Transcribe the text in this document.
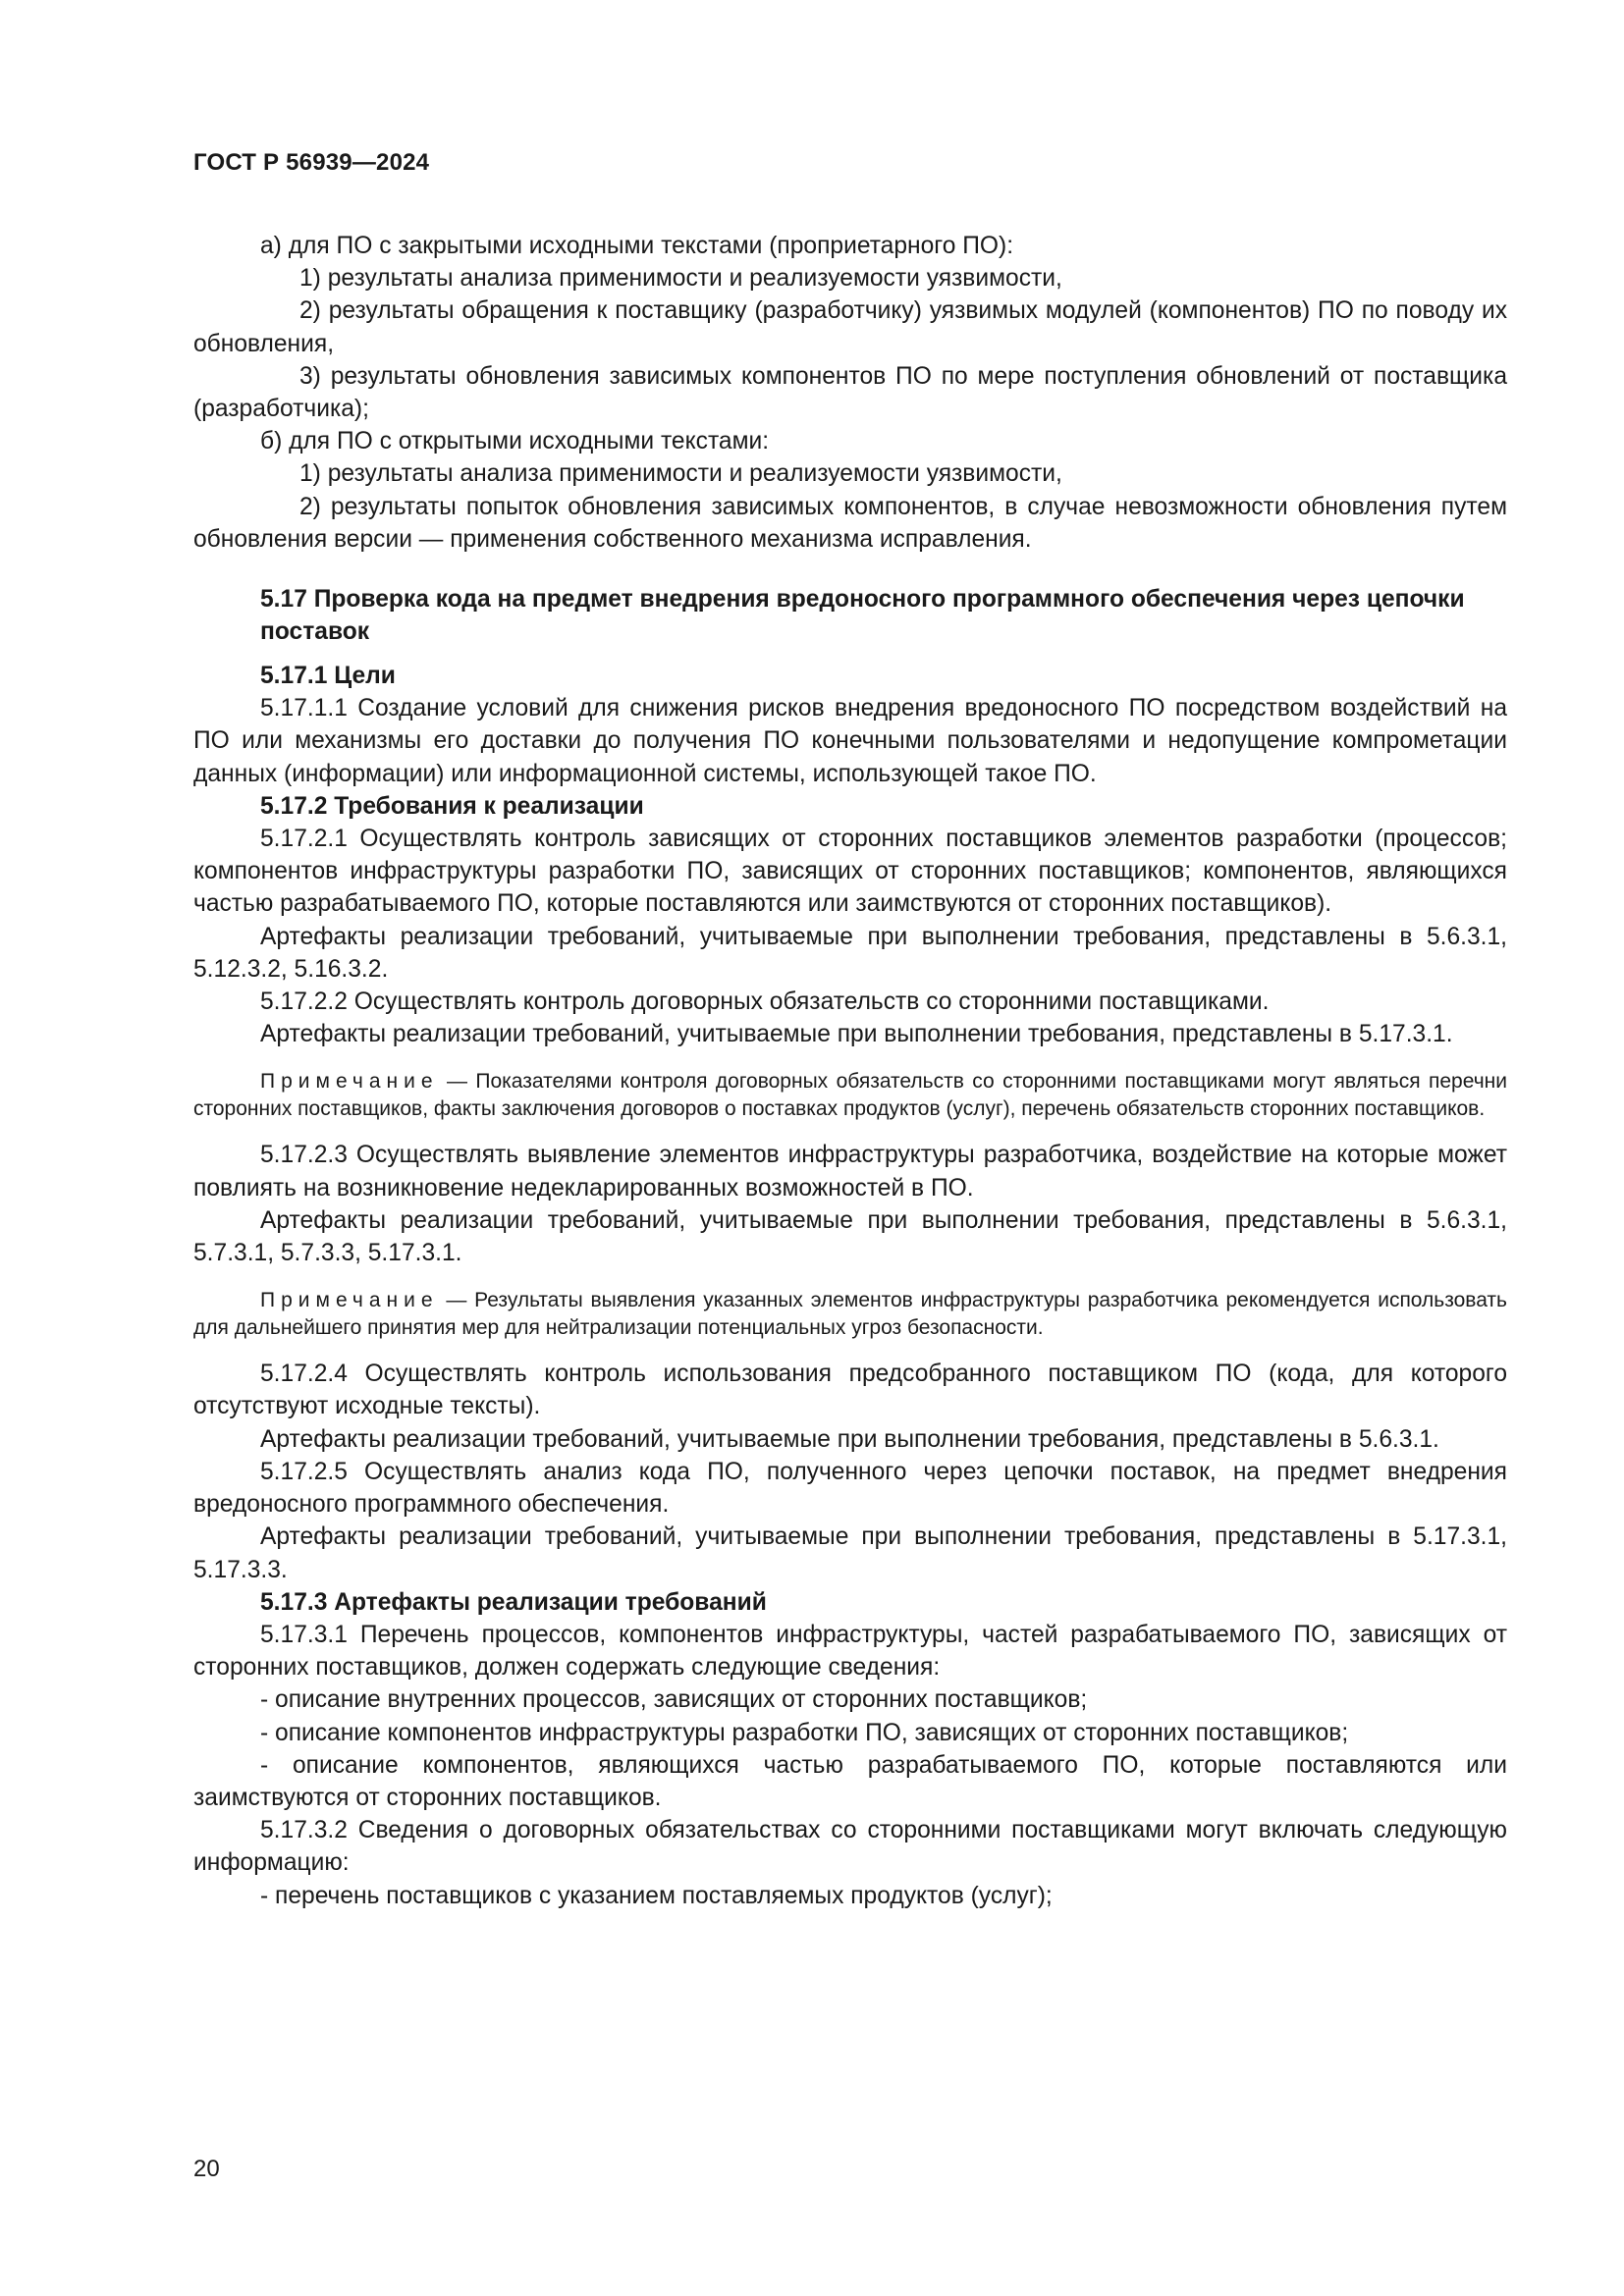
ГОСТ Р 56939—2024

а) для ПО с закрытыми исходными текстами (проприетарного ПО):

1) результаты анализа применимости и реализуемости уязвимости,

2) результаты обращения к поставщику (разработчику) уязвимых модулей (компонентов) ПО по поводу их обновления,

3) результаты обновления зависимых компонентов ПО по мере поступления обновлений от поставщика (разработчика);

б) для ПО с открытыми исходными текстами:

1) результаты анализа применимости и реализуемости уязвимости,

2) результаты попыток обновления зависимых компонентов, в случае невозможности обновления путем обновления версии — применения собственного механизма исправления.

5.17 Проверка кода на предмет внедрения вредоносного программного обеспечения через цепочки поставок
5.17.1 Цели

5.17.1.1 Создание условий для снижения рисков внедрения вредоносного ПО посредством воздействий на ПО или механизмы его доставки до получения ПО конечными пользователями и недопущение компрометации данных (информации) или информационной системы, использующей такое ПО.

5.17.2 Требования к реализации

5.17.2.1 Осуществлять контроль зависящих от сторонних поставщиков элементов разработки (процессов; компонентов инфраструктуры разработки ПО, зависящих от сторонних поставщиков; компонентов, являющихся частью разрабатываемого ПО, которые поставляются или заимствуются от сторонних поставщиков).

Артефакты реализации требований, учитываемые при выполнении требования, представлены в 5.6.3.1, 5.12.3.2, 5.16.3.2.

5.17.2.2 Осуществлять контроль договорных обязательств со сторонними поставщиками.

Артефакты реализации требований, учитываемые при выполнении требования, представлены в 5.17.3.1.

Примечание — Показателями контроля договорных обязательств со сторонними поставщиками могут являться перечни сторонних поставщиков, факты заключения договоров о поставках продуктов (услуг), перечень обязательств сторонних поставщиков.

5.17.2.3 Осуществлять выявление элементов инфраструктуры разработчика, воздействие на которые может повлиять на возникновение недекларированных возможностей в ПО.

Артефакты реализации требований, учитываемые при выполнении требования, представлены в 5.6.3.1, 5.7.3.1, 5.7.3.3, 5.17.3.1.

Примечание — Результаты выявления указанных элементов инфраструктуры разработчика рекомендуется использовать для дальнейшего принятия мер для нейтрализации потенциальных угроз безопасности.

5.17.2.4 Осуществлять контроль использования предсобранного поставщиком ПО (кода, для которого отсутствуют исходные тексты).

Артефакты реализации требований, учитываемые при выполнении требования, представлены в 5.6.3.1.

5.17.2.5 Осуществлять анализ кода ПО, полученного через цепочки поставок, на предмет внедрения вредоносного программного обеспечения.

Артефакты реализации требований, учитываемые при выполнении требования, представлены в 5.17.3.1, 5.17.3.3.

5.17.3 Артефакты реализации требований

5.17.3.1 Перечень процессов, компонентов инфраструктуры, частей разрабатываемого ПО, зависящих от сторонних поставщиков, должен содержать следующие сведения:

- описание внутренних процессов, зависящих от сторонних поставщиков;

- описание компонентов инфраструктуры разработки ПО, зависящих от сторонних поставщиков;

- описание компонентов, являющихся частью разрабатываемого ПО, которые поставляются или заимствуются от сторонних поставщиков.

5.17.3.2 Сведения о договорных обязательствах со сторонними поставщиками могут включать следующую информацию:

- перечень поставщиков с указанием поставляемых продуктов (услуг);

20
